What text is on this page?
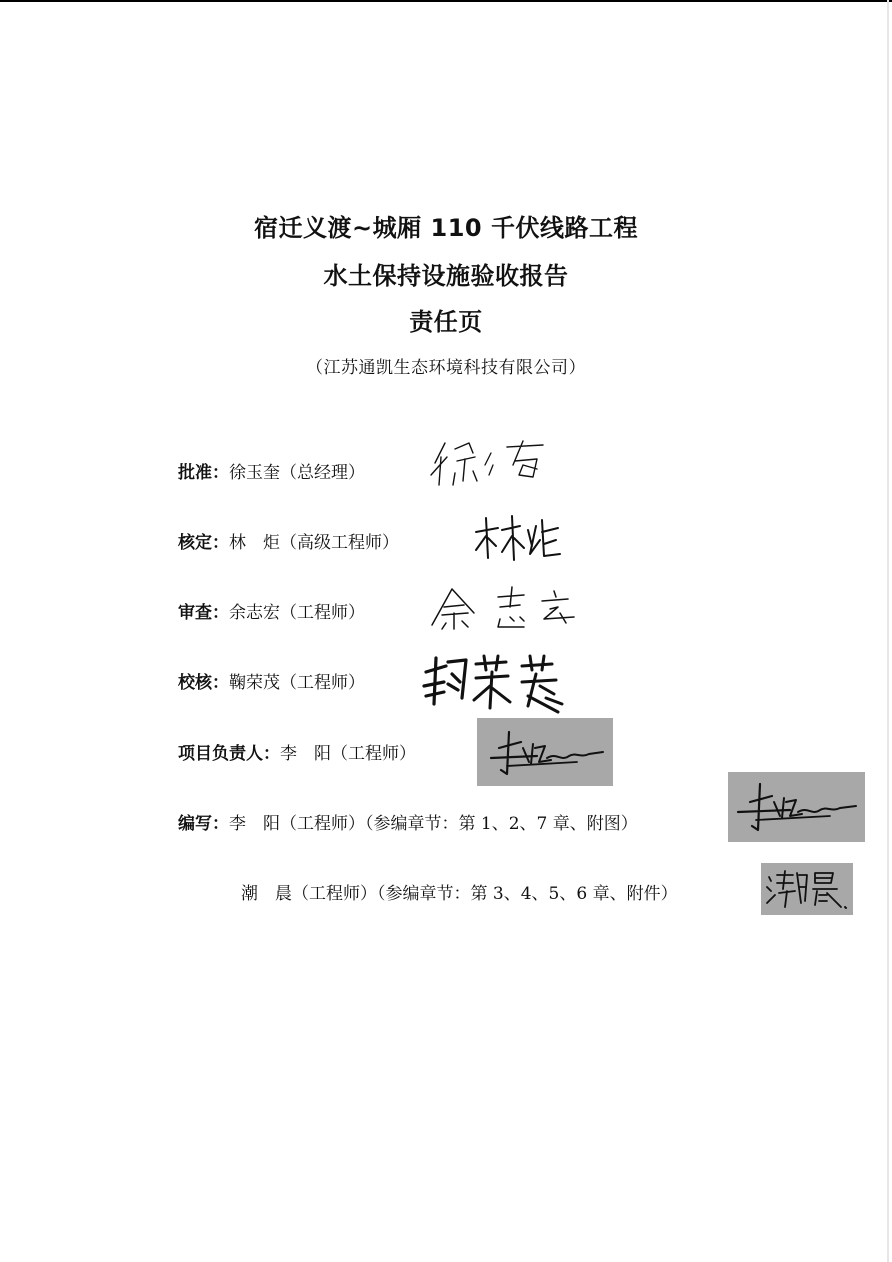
宿迁义渡~城厢 110 千伏线路工程
水土保持设施验收报告
责任页
（江苏通凯生态环境科技有限公司）
批准：徐玉奎（总经理）
核定：林　炬（高级工程师）
审查：余志宏（工程师）
校核：鞠荣茂（工程师）
项目负责人：李　阳（工程师）
编写：李　阳（工程师）（参编章节：第 1、2、7 章、附图）
潮　晨（工程师）（参编章节：第 3、4、5、6 章、附件）
